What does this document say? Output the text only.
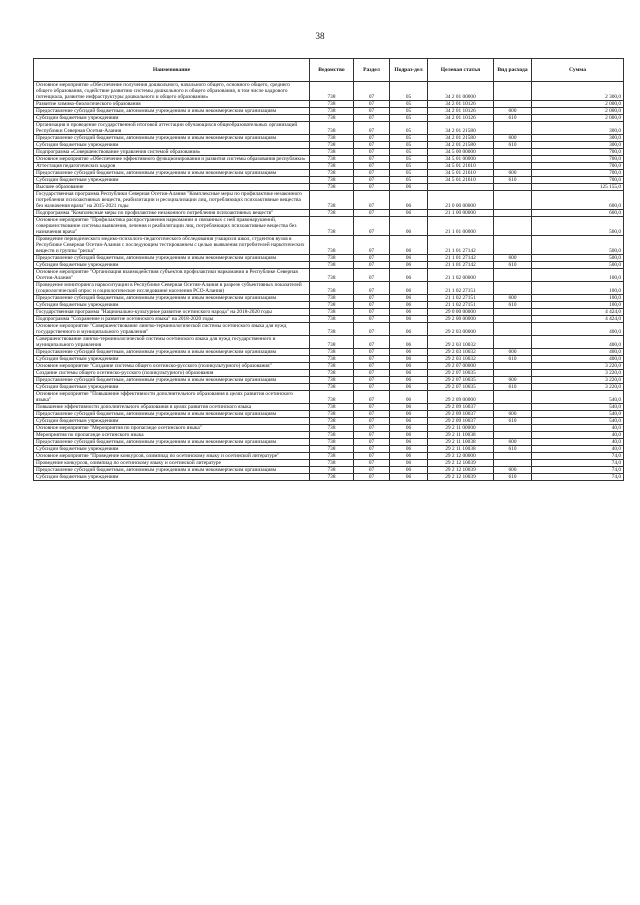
38
Наименование	Ведомство	Раздел	Подраз-дел	Целевая статья	Вид расхода	Сумма
Основное мероприятие «Обеспечение получения дошкольного, начального общего, основного общего, среднего общего образования, содействие развитию системы дошкольного и общего образования, в том числе кадрового потенциала, развитие инфраструктуры дошкольного и общего образования»	738	07	05	34 2 01 00000		2 300,0
Развитие химико-биологического образования	738	07	05	34 2 01 10126		2 000,0
Предоставление субсидий бюджетным, автономным учреждениям и иным некоммерческим организациям	738	07	05	34 2 01 10126	600	2 000,0
Субсидии бюджетным учреждениям	738	07	05	34 2 01 10126	610	2 000,0
Организация и проведение государственной итоговой аттестации обучающихся общеобразовательных организаций Республики Северная Осетия-Алания	738	07	05	34 2 01 21580		300,0
Предоставление субсидий бюджетным, автономным учреждениям и иным некоммерческим организациям	738	07	05	34 2 01 21580	600	300,0
Субсидии бюджетным учреждениям	738	07	05	34 2 01 21580	610	300,0
Подпрограмма «Совершенствование управления системой образования»	738	07	05	34 5 00 00000		700,0
Основное мероприятие «Обеспечение эффективного функционирования и развития системы образования республики»	738	07	05	34 5 01 00000		700,0
Аттестация педагогических кадров	738	07	05	34 5 01 21610		700,0
Предоставление субсидий бюджетным, автономным учреждениям и иным некоммерческим организациям	738	07	05	34 5 01 21610	600	700,0
Субсидии бюджетным учреждениям	738	07	05	34 5 01 21610	610	700,0
Высшее образование	738	07	06			125 155,0
Государственная программа Республики Северная Осетия-Алания "Комплексные меры по профилактике незаконного потребления психоактивных веществ, реабилитации и ресоциализации лиц, потребляющих психоактивные вещества без назначения врача" на 2015-2021 годы	738	07	06	21 0 00 00000		600,0
Подпрограмма "Комплексные меры по профилактике незаконного потребления психоактивных веществ"	738	07	06	21 1 00 00000		600,0
Основное мероприятие "Профилактика распространения наркомании и связанных с ней правонарушений, совершенствование системы выявления, лечения и реабилитации лиц, потребляющих психоактивные вещества без назначения врача"	738	07	06	21 1 01 00000		500,0
Проведение периодического медико-психолого-педагогического обследования учащихся школ, студентов вузов в Республике Северная Осетия-Алания с последующим тестированием с целью выявления потребителей наркотических веществ и группы "риска"	738	07	06	21 1 01 27142		500,0
Предоставление субсидий бюджетным, автономным учреждениям и иным некоммерческим организациям	738	07	06	21 1 01 27142	600	500,0
Субсидии бюджетным учреждениям	738	07	06	21 1 01 27142	610	500,0
Основное мероприятие "Организация взаимодействия субъектов профилактики наркомании в Республике Северная Осетия-Алания"	738	07	06	21 1 02 00000		100,0
Проведение мониторинга наркоситуации в Республике Северная Осетия-Алания в разрезе субъективных показателей (социологический опрос и социологическое исследование населения РСО-Алания)	738	07	06	21 1 02 27151		100,0
Предоставление субсидий бюджетным, автономным учреждениям и иным некоммерческим организациям	738	07	06	21 1 02 27151	600	100,0
Субсидии бюджетным учреждениям	738	07	06	21 1 02 27151	610	100,0
Государственная программа "Национально-культурное развитие осетинского народа" на 2018-2020 годы	738	07	06	29 0 00 00000		4 424,0
Подпрограмма "Сохранение и развитие осетинского языка" на 2018-2020 годы	738	07	06	29 2 00 00000		4 424,0
Основное мероприятие "Совершенствование лингво-терминологической системы осетинского языка для нужд государственного и муниципального управления"	738	07	06	29 2 03 00000		400,0
Совершенствование лингво-терминологической системы осетинского языка для нужд государственного и муниципального управления	738	07	06	29 2 03 10032		400,0
Предоставление субсидий бюджетным, автономным учреждениям и иным некоммерческим организациям	738	07	06	29 2 03 10032	600	400,0
Субсидии бюджетным учреждениям	738	07	06	29 2 03 10032	610	400,0
Основное мероприятие "Создание системы общего осетинско-русского (поликультурного) образования"	738	07	06	29 2 07 00000		3 220,0
Создание системы общего осетинско-русского (поликультурного) образования	738	07	06	29 2 07 10035		3 220,0
Предоставление субсидий бюджетным, автономным учреждениям и иным некоммерческим организациям	738	07	06	29 2 07 10035	600	3 220,0
Субсидии бюджетным учреждениям	738	07	06	29 2 07 10035	610	3 220,0
Основное мероприятие "Повышение эффективности дополнительного образования в целях развития осетинского языка"	738	07	06	29 2 09 00000		540,0
Повышение эффективности дополнительного образования в целях развития осетинского языка	738	07	06	29 2 09 10037		540,0
Предоставление субсидий бюджетным, автономным учреждениям и иным некоммерческим организациям	738	07	06	29 2 09 10037	600	540,0
Субсидии бюджетным учреждениям	738	07	06	29 2 09 10037	610	540,0
Основное мероприятие "Мероприятия по пропаганде осетинского языка"	738	07	06	29 2 11 00000		40,0
Мероприятия по пропаганде осетинского языка	738	07	06	29 2 11 10038		40,0
Предоставление субсидий бюджетным, автономным учреждениям и иным некоммерческим организациям	738	07	06	29 2 11 10038	600	40,0
Субсидии бюджетным учреждениям	738	07	06	29 2 11 10038	610	40,0
Основное мероприятие "Проведение конкурсов, олимпиад по осетинскому языку и осетинской литературе"	738	07	06	29 2 12 00000		74,0
Проведение конкурсов, олимпиад по осетинскому языку и осетинской литературе	738	07	06	29 2 12 10039		74,0
Предоставление субсидий бюджетным, автономным учреждениям и иным некоммерческим организациям	738	07	06	29 2 12 10039	600	74,0
Субсидии бюджетным учреждениям	738	07	06	29 2 12 10039	610	74,0
